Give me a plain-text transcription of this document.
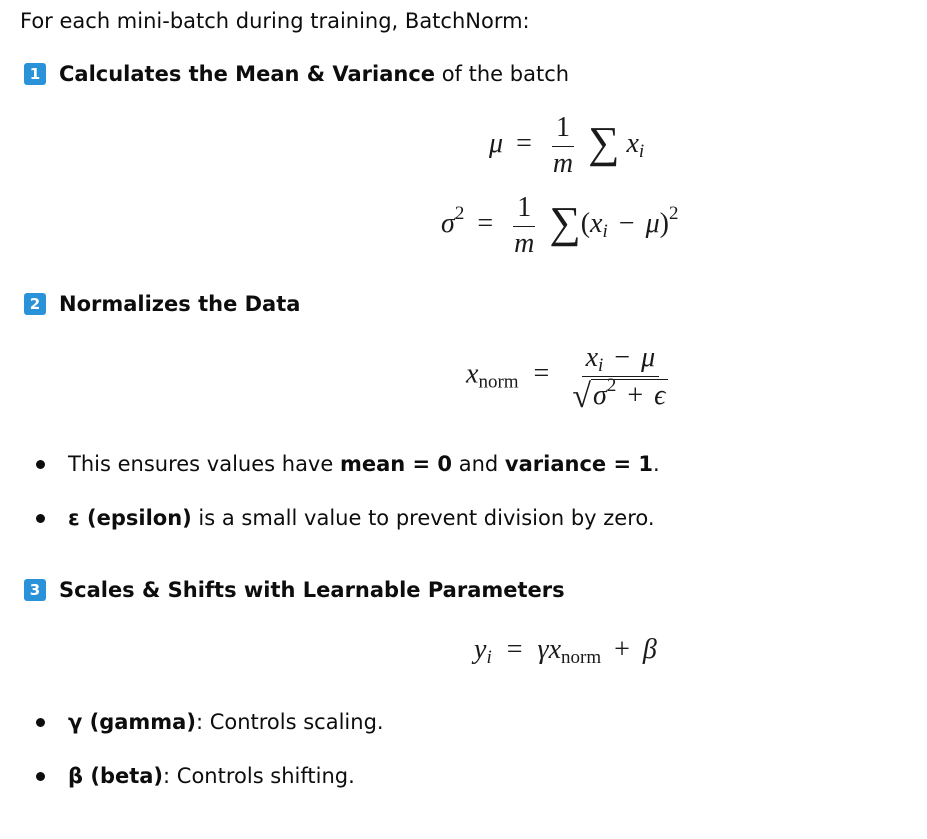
For each mini-batch during training, BatchNorm:
1 Calculates the Mean & Variance of the batch
$\mu = \frac{1}{m}$ ∑ $x_i$
$\sigma^2 = \frac{1}{m} \sum(x_i - \mu)^2$
2 Normalizes the Data
$x_{norm} = \frac{x_i - \mu}{√ \sigma^2 + \epsilon}$
This ensures values have mean = 0 and variance = 1 .
ε (epsilon) is a small value to prevent division by zero.
3 Scales & Shifts with Learnable Parameters
$y_i = \gamma x_{norm} + \beta$
γ (gamma) : Controls scaling.
β (beta) : Controls shifting.
